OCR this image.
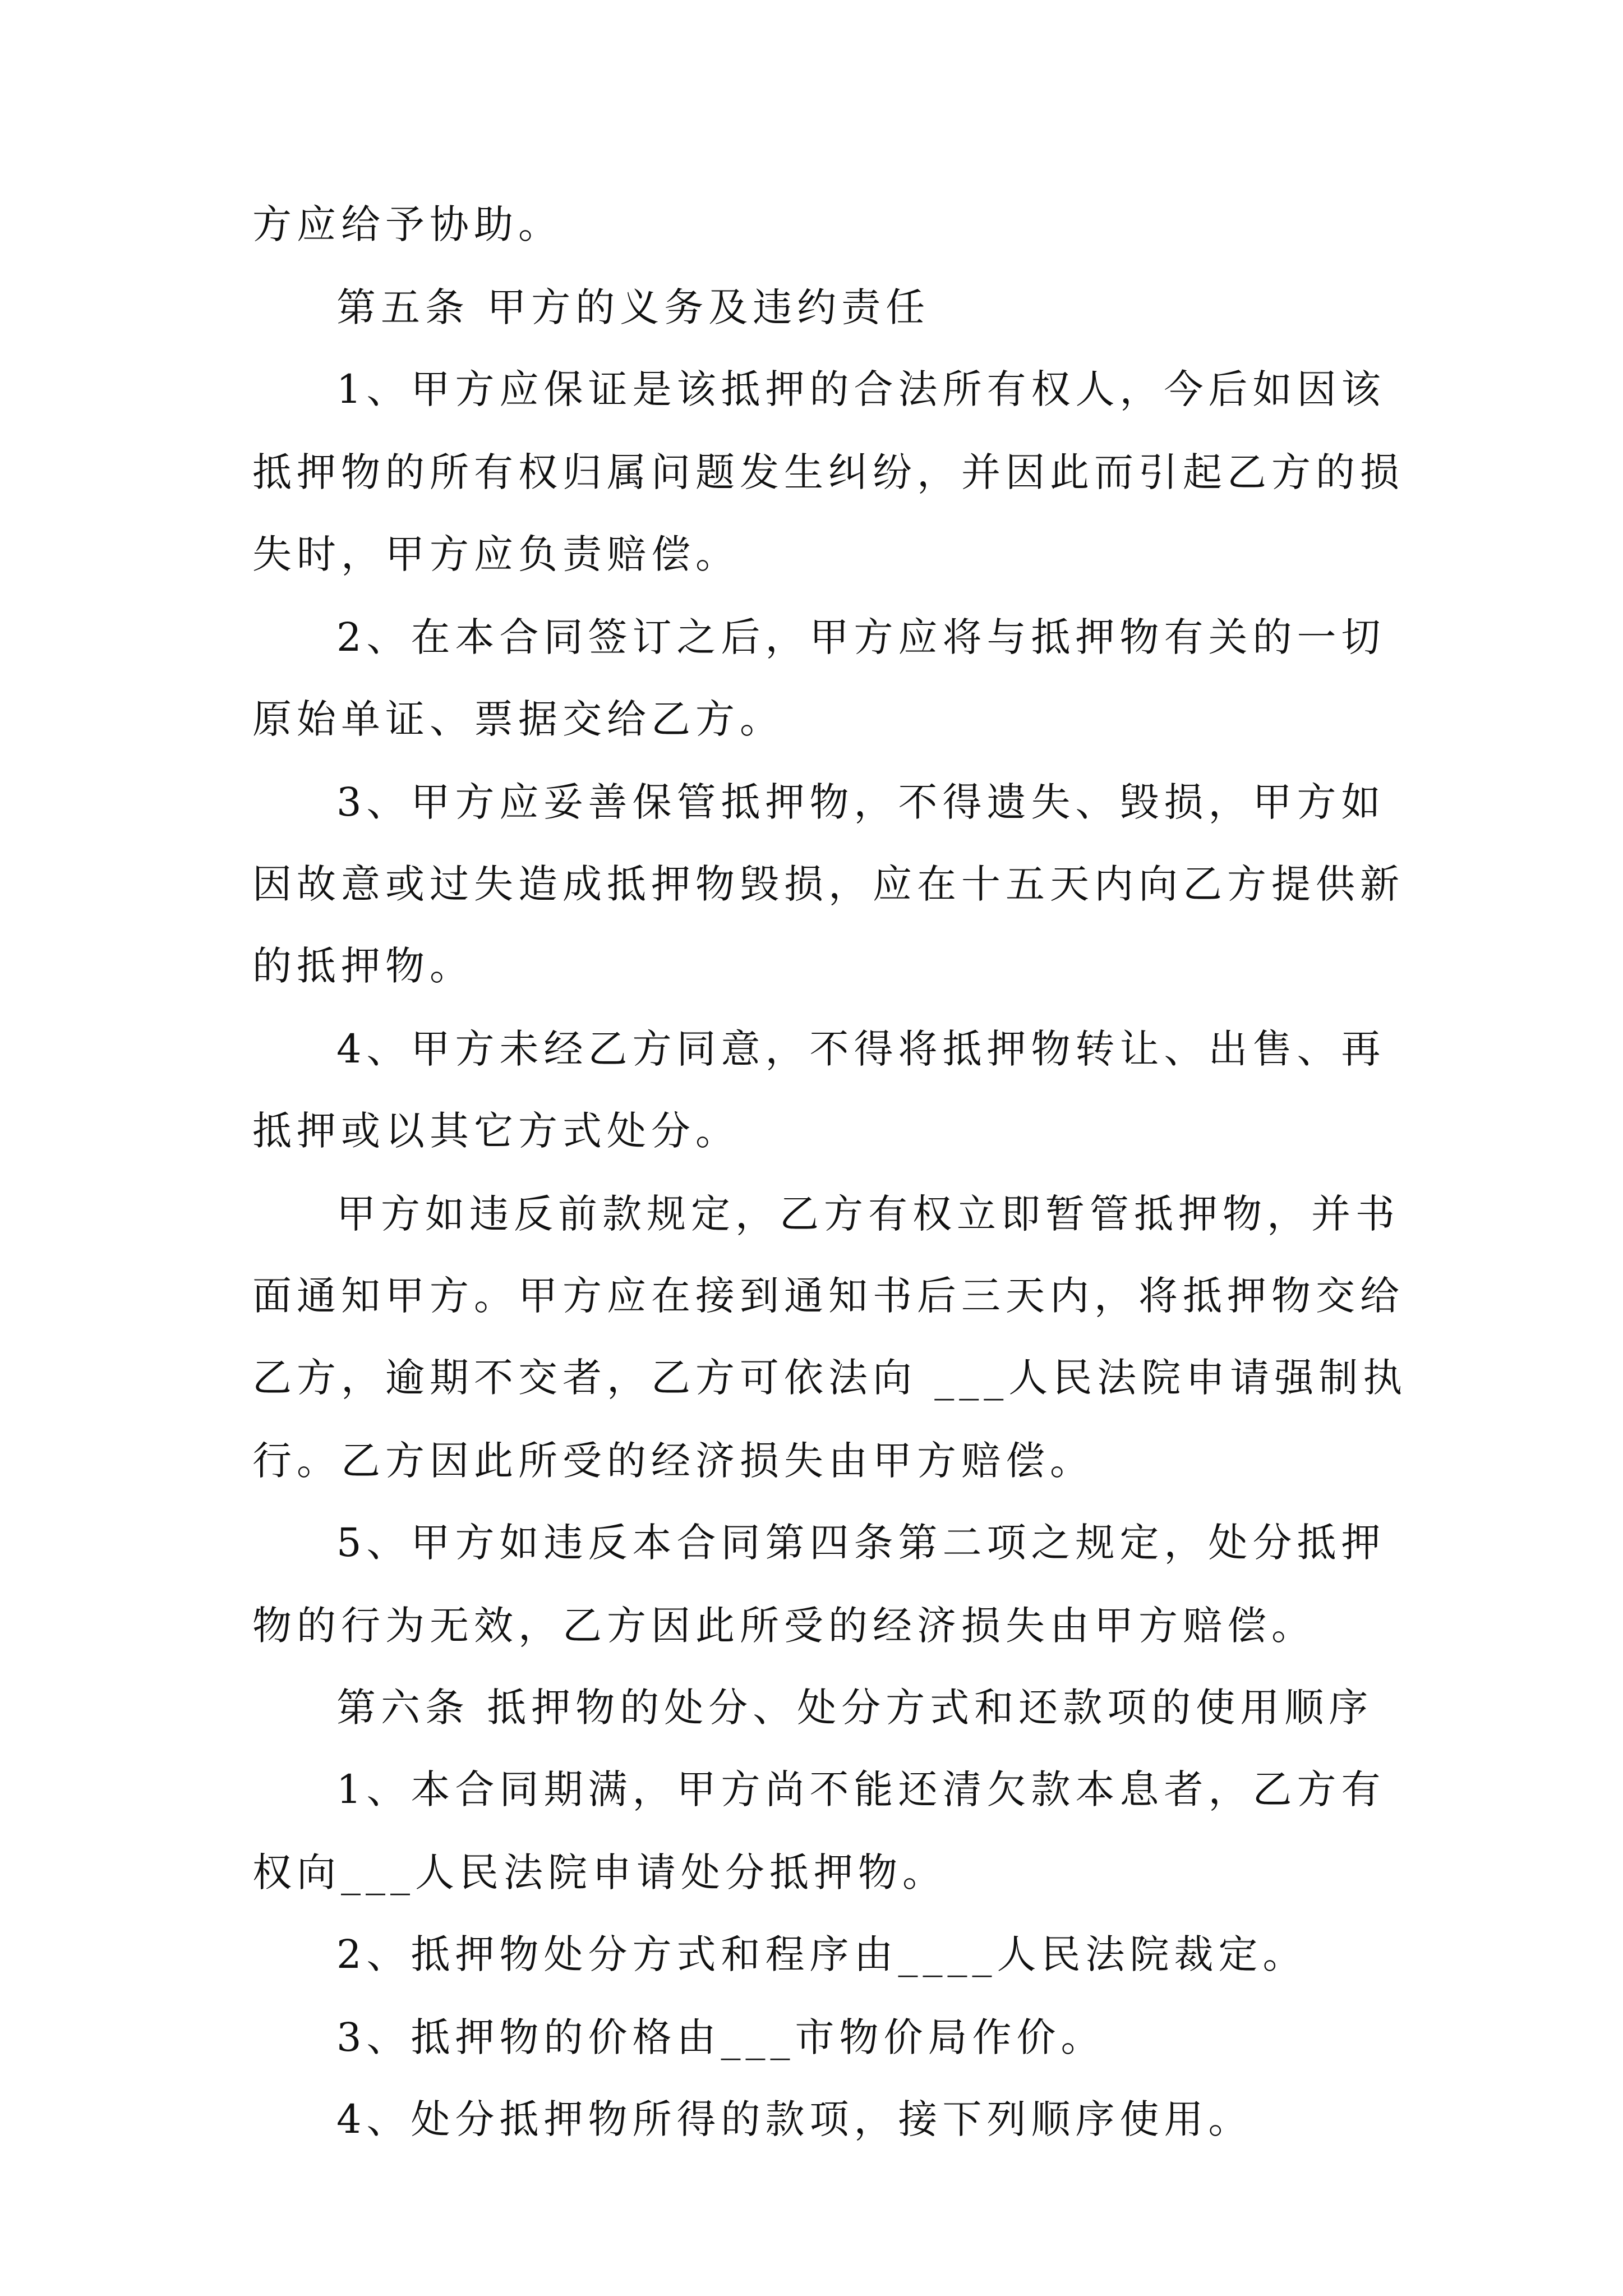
方应给予协助。
第五条 甲方的义务及违约责任
1、甲方应保证是该抵押的合法所有权人，今后如因该
抵押物的所有权归属问题发生纠纷，并因此而引起乙方的损
失时，甲方应负责赔偿。
2、在本合同签订之后，甲方应将与抵押物有关的一切
原始单证、票据交给乙方。
3、甲方应妥善保管抵押物，不得遗失、毁损，甲方如
因故意或过失造成抵押物毁损，应在十五天内向乙方提供新
的抵押物。
4、甲方未经乙方同意，不得将抵押物转让、出售、再
抵押或以其它方式处分。
甲方如违反前款规定，乙方有权立即暂管抵押物，并书
面通知甲方。甲方应在接到通知书后三天内，将抵押物交给
乙方，逾期不交者，乙方可依法向 ___人民法院申请强制执
行。乙方因此所受的经济损失由甲方赔偿。
5、甲方如违反本合同第四条第二项之规定，处分抵押
物的行为无效，乙方因此所受的经济损失由甲方赔偿。
第六条 抵押物的处分、处分方式和还款项的使用顺序
1、本合同期满，甲方尚不能还清欠款本息者，乙方有
权向___人民法院申请处分抵押物。
2、抵押物处分方式和程序由____人民法院裁定。
3、抵押物的价格由___市物价局作价。
4、处分抵押物所得的款项，接下列顺序使用。
